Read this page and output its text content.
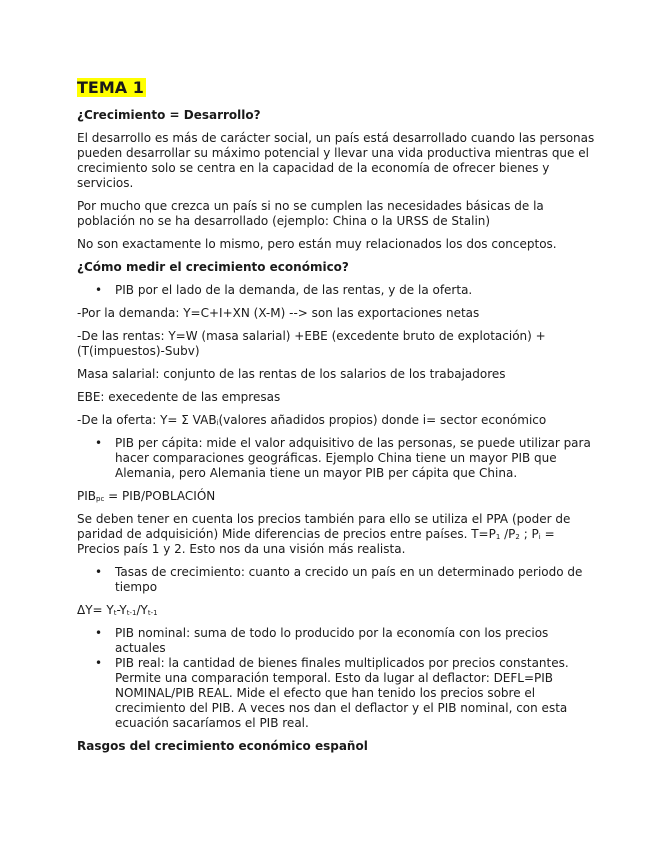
TEMA 1
¿Crecimiento = Desarrollo?

El desarrollo es más de carácter social, un país está desarrollado cuando las personas pueden desarrollar su máximo potencial y llevar una vida productiva mientras que el crecimiento solo se centra en la capacidad de la economía de ofrecer bienes y servicios.

Por mucho que crezca un país si no se cumplen las necesidades básicas de la población no se ha desarrollado (ejemplo: China o la URSS de Stalin)

No son exactamente lo mismo, pero están muy relacionados los dos conceptos.

¿Cómo medir el crecimiento económico?
• PIB por el lado de la demanda, de las rentas, y de la oferta.

-Por la demanda: Y=C+I+XN (X-M) --> son las exportaciones netas

-De las rentas: Y=W (masa salarial) +EBE (excedente bruto de explotación) + (T(impuestos)-Subv)

Masa salarial: conjunto de las rentas de los salarios de los trabajadores

EBE: execedente de las empresas

-De la oferta: Y= Σ $VAB_i(valores$ añadidos propios) donde i= sector económico

• PIB per cápita: mide el valor adquisitivo de las personas, se puede utilizar para hacer comparaciones geográficas. Ejemplo China tiene un mayor PIB que Alemania, pero Alemania tiene un mayor PIB per cápita que China.

$PIB_{pc}$ = PIB/POBLACIÓN

Se deben tener en cuenta los precios también para ello se utiliza el PPA (poder de paridad de adquisición) Mide diferencias de precios entre países. $T=P_1$ $/P_2$ ; $P_i$ = Precios país 1 y 2. Esto nos da una visión más realista.

• Tasas de crecimiento: cuanto a crecido un país en un determinado periodo de tiempo

$\Delta Y= Y_t-Y_{t-1}/Y_{t-1}$

• PIB nominal: suma de todo lo producido por la economía con los precios actuales
• PIB real: la cantidad de bienes finales multiplicados por precios constantes. Permite una comparación temporal. Esto da lugar al deflactor: DEFL=PIB NOMINAL/PIB REAL. Mide el efecto que han tenido los precios sobre el crecimiento del PIB. A veces nos dan el deflactor y el PIB nominal, con esta ecuación sacaríamos el PIB real.
Rasgos del crecimiento económico español
